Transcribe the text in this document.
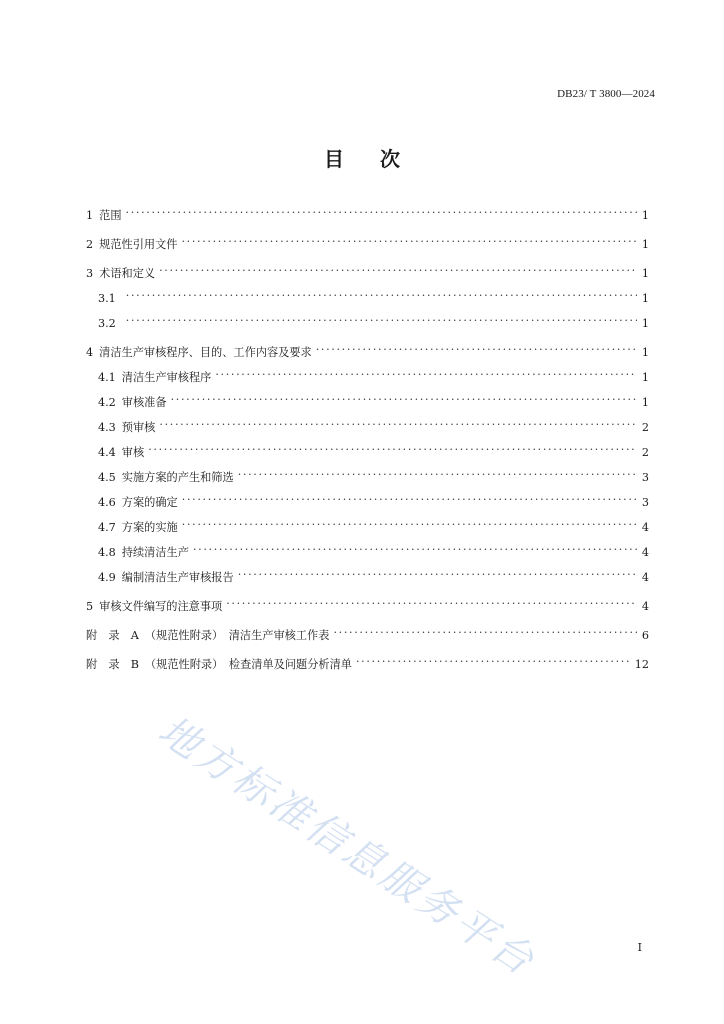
DB23/ T 3800—2024
目次
1 范围 . . .	1
2 规范性引用文件 . . .	1
3 术语和定义 . . .	1
3.1 . . .	1
3.2 . . .	1
4 清洁生产审核程序、目的、工作内容及要求 . . .	1
4.1 清洁生产审核程序 . . .	1
4.2 审核准备 . . .	1
4.3 预审核 . . .	2
4.4 审核 . . .	2
4.5 实施方案的产生和筛选 . . .	3
4.6 方案的确定 . . .	3
4.7 方案的实施 . . .	4
4.8 持续清洁生产 . . .	4
4.9 编制清洁生产审核报告 . . .	4
5 审核文件编写的注意事项 . . .	4
附　录　A （规范性附录）　清洁生产审核工作表 . . .	6
附　录　B （规范性附录）　检查清单及问题分析清单 . . .	12
地方标准信息服务平台	I
